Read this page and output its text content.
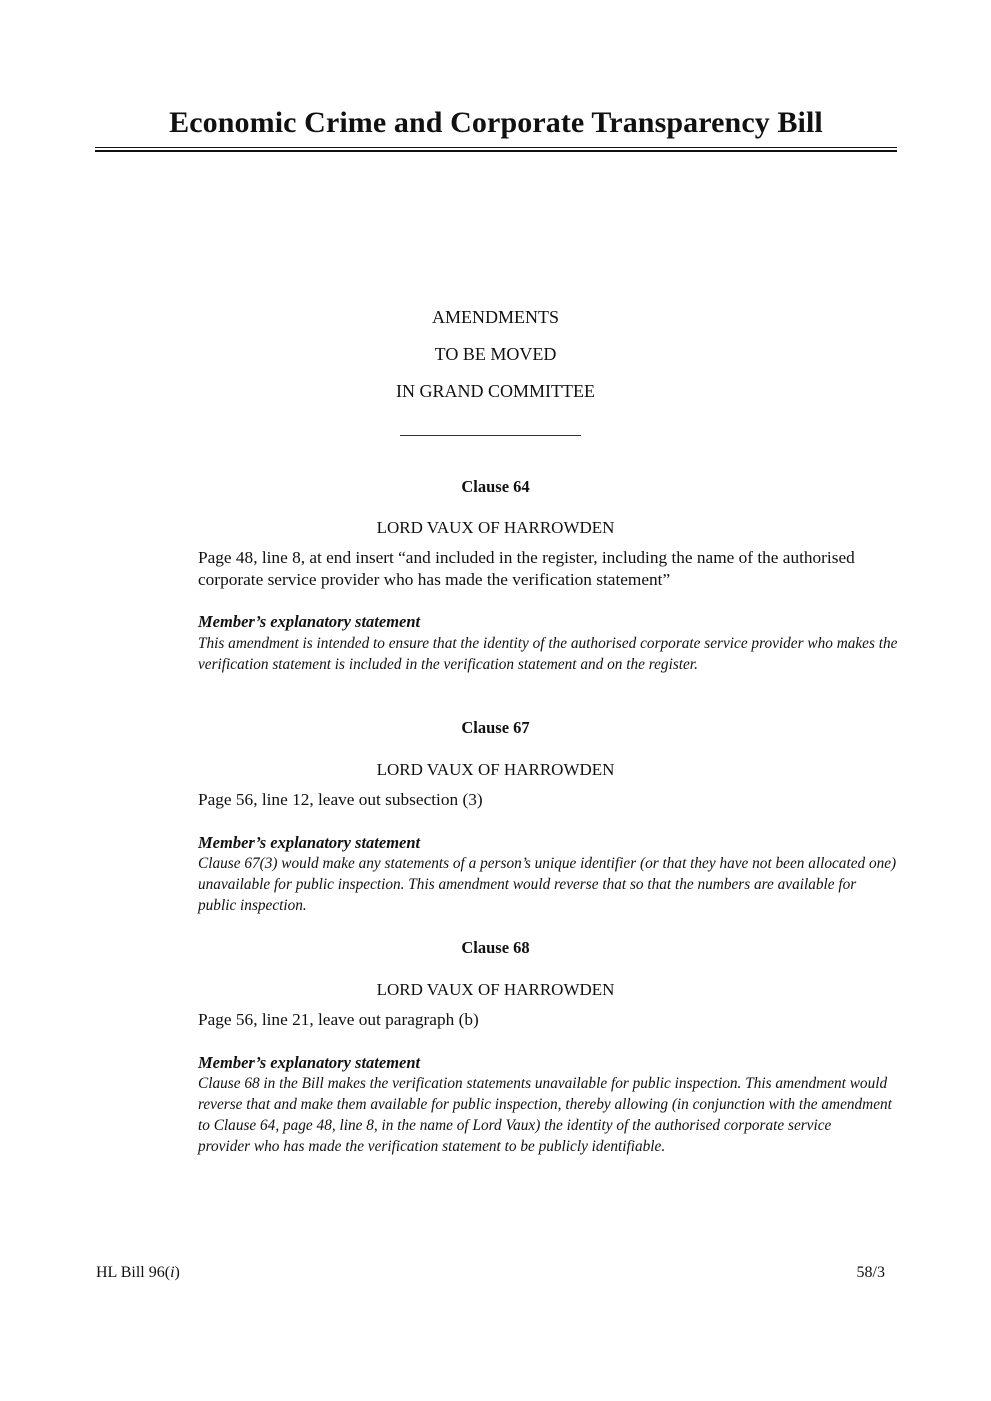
Economic Crime and Corporate Transparency Bill
AMENDMENTS
TO BE MOVED
IN GRAND COMMITTEE
Clause 64
LORD VAUX OF HARROWDEN
Page 48, line 8, at end insert “and included in the register, including the name of the authorised corporate service provider who has made the verification statement”
Member’s explanatory statement
This amendment is intended to ensure that the identity of the authorised corporate service provider who makes the verification statement is included in the verification statement and on the register.
Clause 67
LORD VAUX OF HARROWDEN
Page 56, line 12, leave out subsection (3)
Member’s explanatory statement
Clause 67(3) would make any statements of a person’s unique identifier (or that they have not been allocated one) unavailable for public inspection. This amendment would reverse that so that the numbers are available for public inspection.
Clause 68
LORD VAUX OF HARROWDEN
Page 56, line 21, leave out paragraph (b)
Member’s explanatory statement
Clause 68 in the Bill makes the verification statements unavailable for public inspection. This amendment would reverse that and make them available for public inspection, thereby allowing (in conjunction with the amendment to Clause 64, page 48, line 8, in the name of Lord Vaux) the identity of the authorised corporate service
provider who has made the verification statement to be publicly identifiable.
HL Bill 96(i)	58/3
